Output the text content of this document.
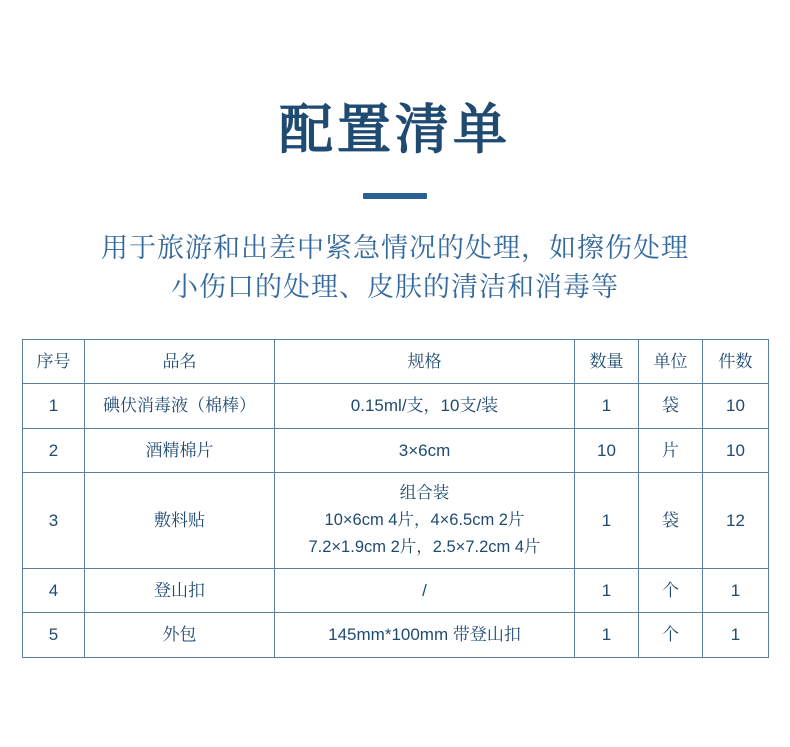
配置清单
用于旅游和出差中紧急情况的处理，如擦伤处理
小伤口的处理、皮肤的清洁和消毒等
序号	品名	规格	数量	单位	件数
1	碘伏消毒液（棉棒）	0.15ml/支，10支/装	1	袋	10
2	酒精棉片	3×6cm	10	片	10
3	敷料贴	组合装
10×6cm 4片，4×6.5cm 2片
7.2×1.9cm 2片，2.5×7.2cm 4片	1	袋	12
4	登山扣	/	1	个	1
5	外包	145mm*100mm 带登山扣	1	个	1
